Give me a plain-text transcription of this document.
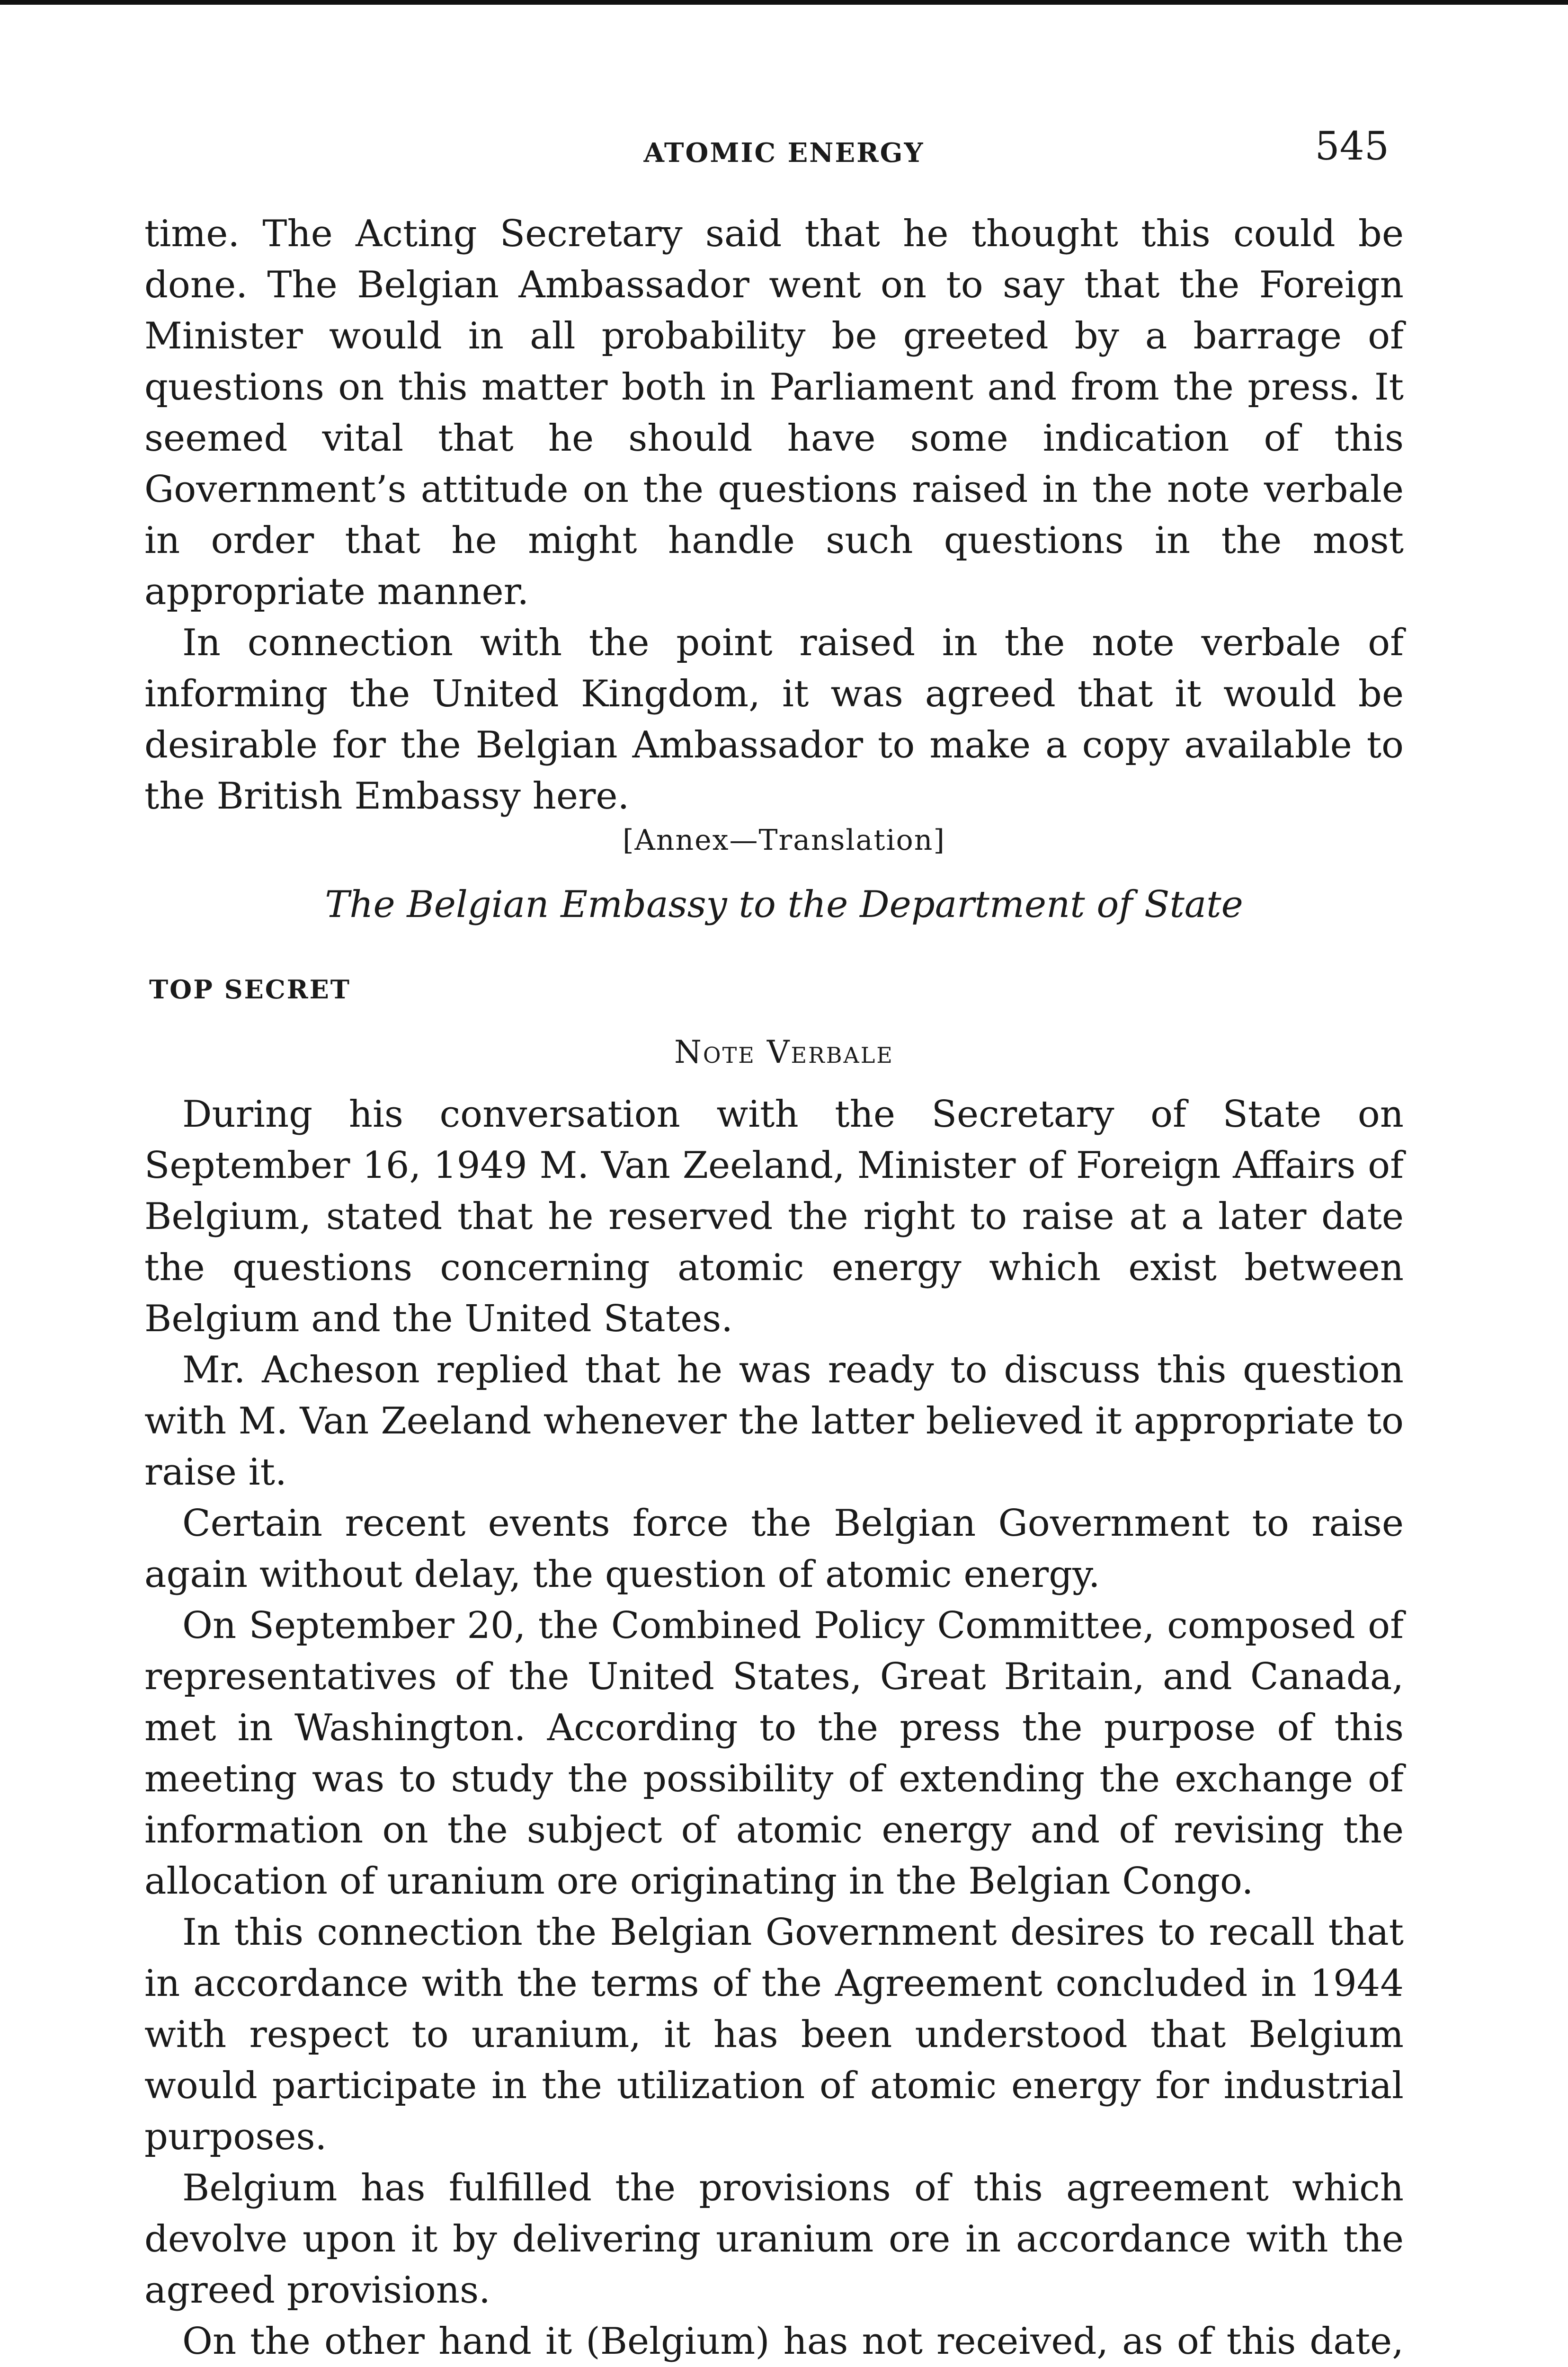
ATOMIC ENERGY	545

time. The Acting Secretary said that he thought this could be done. The Belgian Ambassador went on to say that the Foreign Minister would in all probability be greeted by a barrage of questions on this matter both in Parliament and from the press. It seemed vital that he should have some indication of this Government’s attitude on the questions raised in the note verbale in order that he might handle such questions in the most appropriate manner.

In connection with the point raised in the note verbale of informing the United Kingdom, it was agreed that it would be desirable for the Belgian Ambassador to make a copy available to the British Embassy here.

[Annex—Translation]
The Belgian Embassy to the Department of State
TOP SECRET
Note Verbale

During his conversation with the Secretary of State on September 16, 1949 M. Van Zeeland, Minister of Foreign Affairs of Belgium, stated that he reserved the right to raise at a later date the questions concerning atomic energy which exist between Belgium and the United States.

Mr. Acheson replied that he was ready to discuss this question with M. Van Zeeland whenever the latter believed it appropriate to raise it.

Certain recent events force the Belgian Government to raise again without delay, the question of atomic energy.

On September 20, the Combined Policy Committee, composed of representatives of the United States, Great Britain, and Canada, met in Washington. According to the press the purpose of this meeting was to study the possibility of extending the exchange of information on the subject of atomic energy and of revising the allocation of uranium ore originating in the Belgian Congo.

In this connection the Belgian Government desires to recall that in accordance with the terms of the Agreement concluded in 1944 with respect to uranium, it has been understood that Belgium would participate in the utilization of atomic energy for industrial purposes.

Belgium has fulfilled the provisions of this agreement which devolve upon it by delivering uranium ore in accordance with the agreed provisions.

On the other hand it (Belgium) has not received, as of this date,
